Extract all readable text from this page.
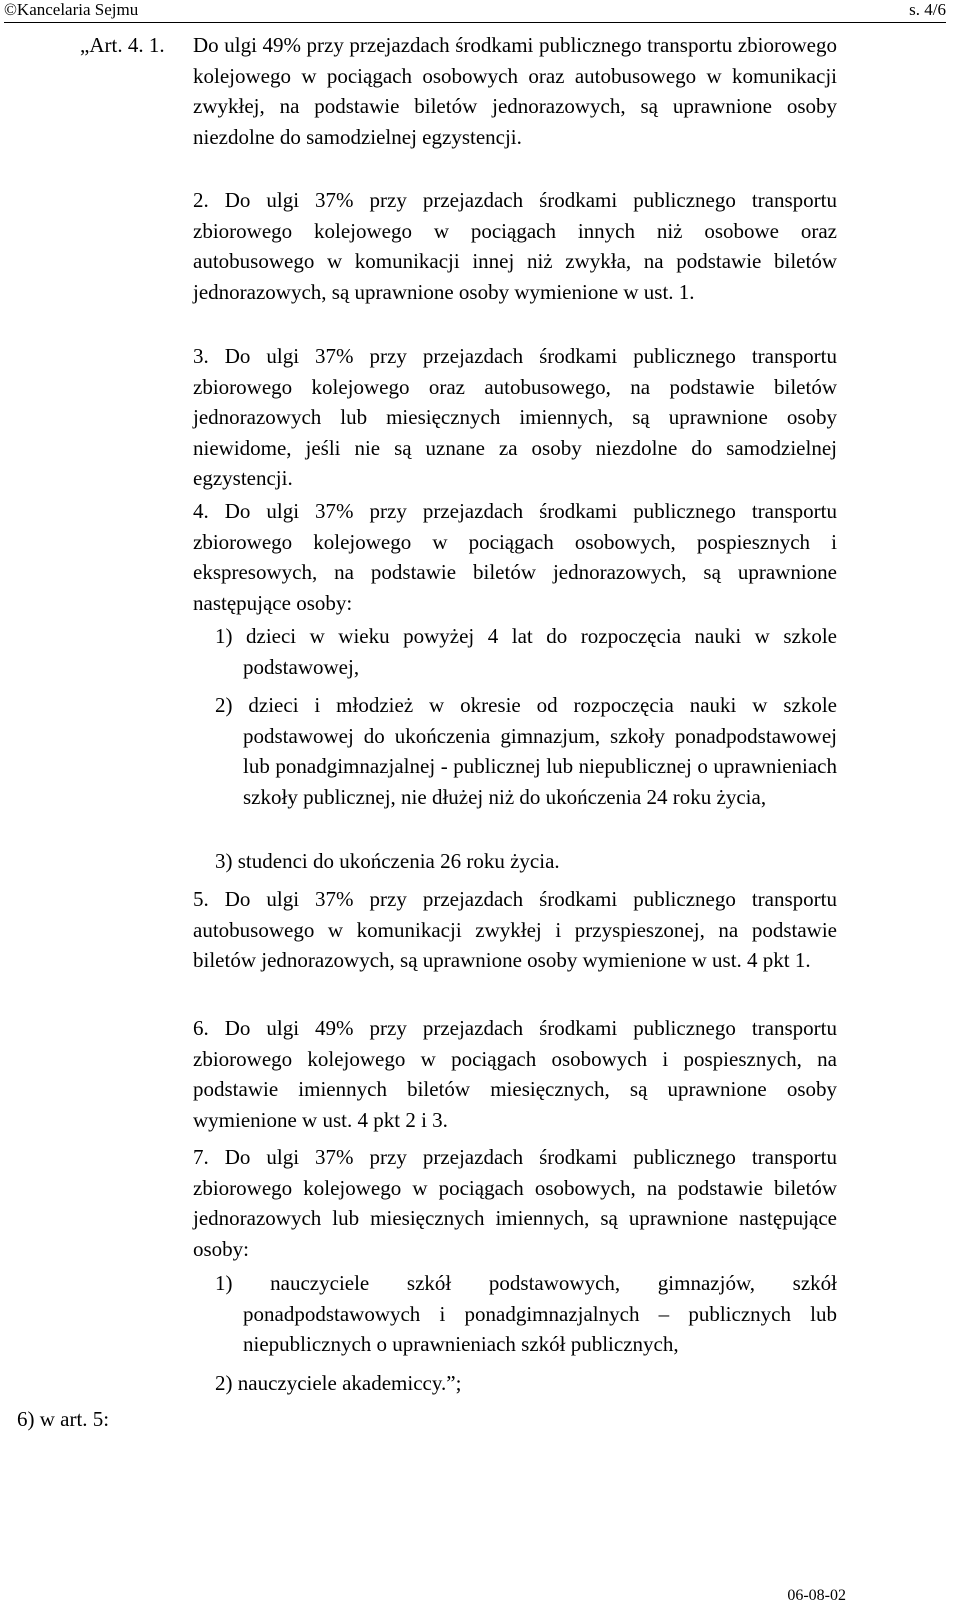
©Kancelaria Sejmu	s. 4/6
„Art. 4. 1. Do ulgi 49% przy przejazdach środkami publicznego transportu zbiorowego kolejowego w pociągach osobowych oraz autobusowego w komunikacji zwykłej, na podstawie biletów jednorazowych, są uprawnione osoby niezdolne do samodzielnej egzystencji.
2. Do ulgi 37% przy przejazdach środkami publicznego transportu zbiorowego kolejowego w pociągach innych niż osobowe oraz autobusowego w komunikacji innej niż zwykła, na podstawie biletów jednorazowych, są uprawnione osoby wymienione w ust. 1.
3. Do ulgi 37% przy przejazdach środkami publicznego transportu zbiorowego kolejowego oraz autobusowego, na podstawie biletów jednorazowych lub miesięcznych imiennych, są uprawnione osoby niewidome, jeśli nie są uznane za osoby niezdolne do samodzielnej egzystencji.
4. Do ulgi 37% przy przejazdach środkami publicznego transportu zbiorowego kolejowego w pociągach osobowych, pospiesznych i ekspresowych, na podstawie biletów jednorazowych, są uprawnione następujące osoby:
1) dzieci w wieku powyżej 4 lat do rozpoczęcia nauki w szkole podstawowej,
2) dzieci i młodzież w okresie od rozpoczęcia nauki w szkole podstawowej do ukończenia gimnazjum, szkoły ponadpodstawowej lub ponadgimnazjalnej - publicznej lub niepublicznej o uprawnieniach szkoły publicznej, nie dłużej niż do ukończenia 24 roku życia,
3) studenci do ukończenia 26 roku życia.
5. Do ulgi 37% przy przejazdach środkami publicznego transportu autobusowego w komunikacji zwykłej i przyspieszonej, na podstawie biletów jednorazowych, są uprawnione osoby wymienione w ust. 4 pkt 1.
6. Do ulgi 49% przy przejazdach środkami publicznego transportu zbiorowego kolejowego w pociągach osobowych i pospiesznych, na podstawie imiennych biletów miesięcznych, są uprawnione osoby wymienione w ust. 4 pkt 2 i 3.
7. Do ulgi 37% przy przejazdach środkami publicznego transportu zbiorowego kolejowego w pociągach osobowych, na podstawie biletów jednorazowych lub miesięcznych imiennych, są uprawnione następujące osoby:
1) nauczyciele szkół podstawowych, gimnazjów, szkół ponadpodstawowych i ponadgimnazjalnych – publicznych lub niepublicznych o uprawnieniach szkół publicznych,
2) nauczyciele akademiccy.”;
6) w art. 5:
06-08-02
